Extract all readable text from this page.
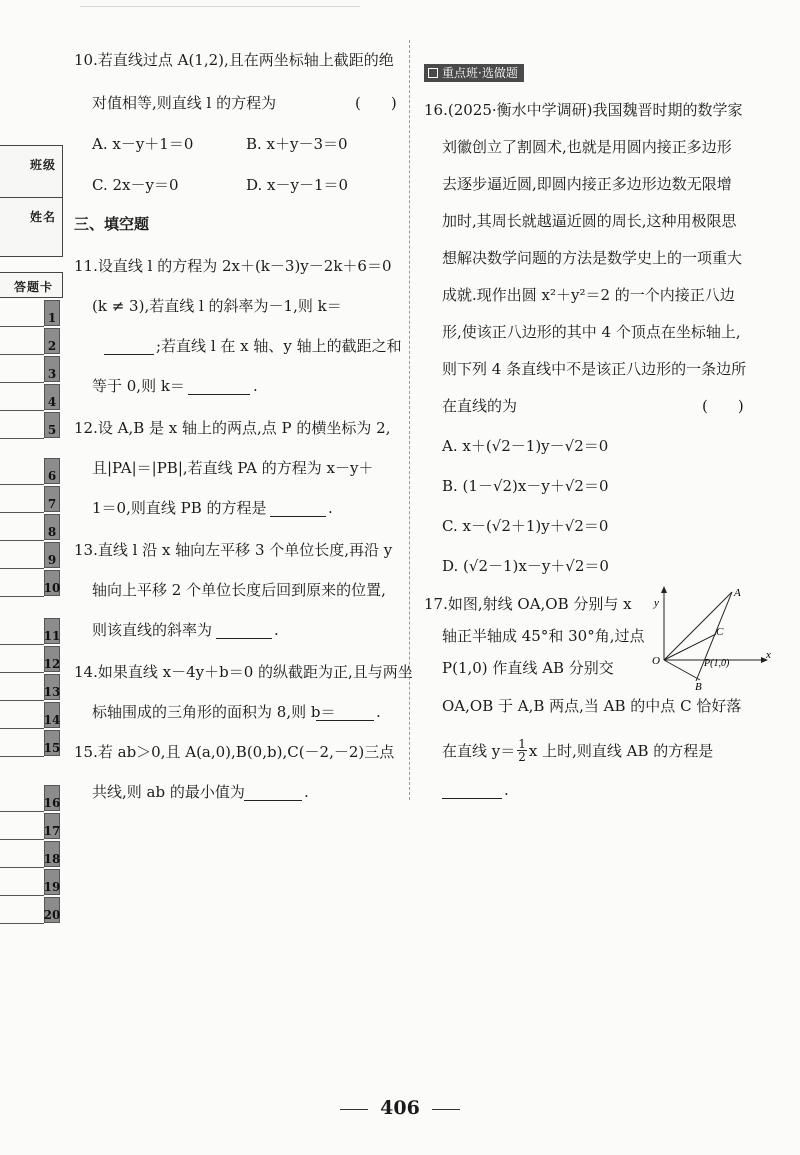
班级
姓名
答题卡
1
2
3
4
5
6
7
8
9
10
11
12
13
14
15
16
17
18
19
20
10.若直线过点 A(1,2),且在两坐标轴上截距的绝
对值相等,则直线 l 的方程为	(　　)
A. x－y＋1＝0	B. x＋y－3＝0
C. 2x－y＝0	D. x－y－1＝0
三、填空题
11.设直线 l 的方程为 2x＋(k－3)y－2k＋6＝0
(k ≠ 3),若直线 l 的斜率为－1,则 k＝
;若直线 l 在 x 轴、y 轴上的截距之和
等于 0,则 k＝	.
12.设 A,B 是 x 轴上的两点,点 P 的横坐标为 2,
且|PA|＝|PB|,若直线 PA 的方程为 x－y＋
1＝0,则直线 PB 的方程是	.
13.直线 l 沿 x 轴向左平移 3 个单位长度,再沿 y
轴向上平移 2 个单位长度后回到原来的位置,
则该直线的斜率为	.
14.如果直线 x－4y＋b＝0 的纵截距为正,且与两坐
标轴围成的三角形的面积为 8,则 b＝	.
15.若 ab＞0,且 A(a,0),B(0,b),C(－2,－2)三点
共线,则 ab 的最小值为	.
重点班·选做题
16.(2025·衡水中学调研)我国魏晋时期的数学家
刘徽创立了割圆术,也就是用圆内接正多边形
去逐步逼近圆,即圆内接正多边形边数无限增
加时,其周长就越逼近圆的周长,这种用极限思
想解决数学问题的方法是数学史上的一项重大
成就.现作出圆 x²＋y²＝2 的一个内接正八边
形,使该正八边形的其中 4 个顶点在坐标轴上,
则下列 4 条直线中不是该正八边形的一条边所
在直线的为	(　　)
A. x＋(√2－1)y－√2＝0
B. (1－√2)x－y＋√2＝0
C. x－(√2＋1)y＋√2＝0
D. (√2－1)x－y＋√2＝0
17.如图,射线 OA,OB 分别与 x
轴正半轴成 45°和 30°角,过点
P(1,0) 作直线 AB 分别交
OA,OB 于 A,B 两点,当 AB 的中点 C 恰好落
在直线 $y= \frac{1}{2}$ x 上时,则直线 AB 的方程是
.
y
x
O
A
C
P(1,0)
B
406
